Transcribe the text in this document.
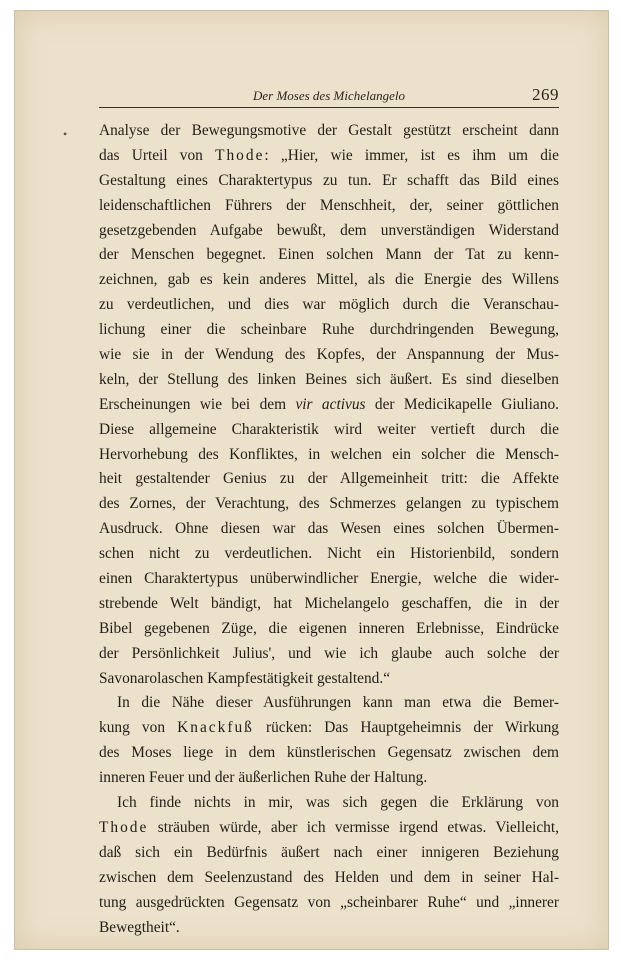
Der Moses des Michelangelo	269
• Analyse der Bewegungsmotive der Gestalt gestützt erscheint dann
das Urteil von Thode: „Hier, wie immer, ist es ihm um die
Gestaltung eines Charaktertypus zu tun. Er schafft das Bild eines
leidenschaftlichen Führers der Menschheit, der, seiner göttlichen
gesetzgebenden Aufgabe bewußt, dem unverständigen Widerstand
der Menschen begegnet. Einen solchen Mann der Tat zu kenn-
zeichnen, gab es kein anderes Mittel, als die Energie des Willens
zu verdeutlichen, und dies war möglich durch die Veranschau-
lichung einer die scheinbare Ruhe durchdringenden Bewegung,
wie sie in der Wendung des Kopfes, der Anspannung der Mus-
keln, der Stellung des linken Beines sich äußert. Es sind dieselben
Erscheinungen wie bei dem vir activus der Medicikapelle Giuliano.
Diese allgemeine Charakteristik wird weiter vertieft durch die
Hervorhebung des Konfliktes, in welchen ein solcher die Mensch-
heit gestaltender Genius zu der Allgemeinheit tritt: die Affekte
des Zornes, der Verachtung, des Schmerzes gelangen zu typischem
Ausdruck. Ohne diesen war das Wesen eines solchen Übermen-
schen nicht zu verdeutlichen. Nicht ein Historienbild, sondern
einen Charaktertypus unüberwindlicher Energie, welche die wider-
strebende Welt bändigt, hat Michelangelo geschaffen, die in der
Bibel gegebenen Züge, die eigenen inneren Erlebnisse, Eindrücke
der Persönlichkeit Julius', und wie ich glaube auch solche der
Savonarolaschen Kampfestätigkeit gestaltend.“
In die Nähe dieser Ausführungen kann man etwa die Bemer-
kung von Knackfuß rücken: Das Hauptgeheimnis der Wirkung
des Moses liege in dem künstlerischen Gegensatz zwischen dem
inneren Feuer und der äußerlichen Ruhe der Haltung.
Ich finde nichts in mir, was sich gegen die Erklärung von
Thode sträuben würde, aber ich vermisse irgend etwas. Vielleicht,
daß sich ein Bedürfnis äußert nach einer innigeren Beziehung
zwischen dem Seelenzustand des Helden und dem in seiner Hal-
tung ausgedrückten Gegensatz von „scheinbarer Ruhe“ und „innerer
Bewegtheit“.
